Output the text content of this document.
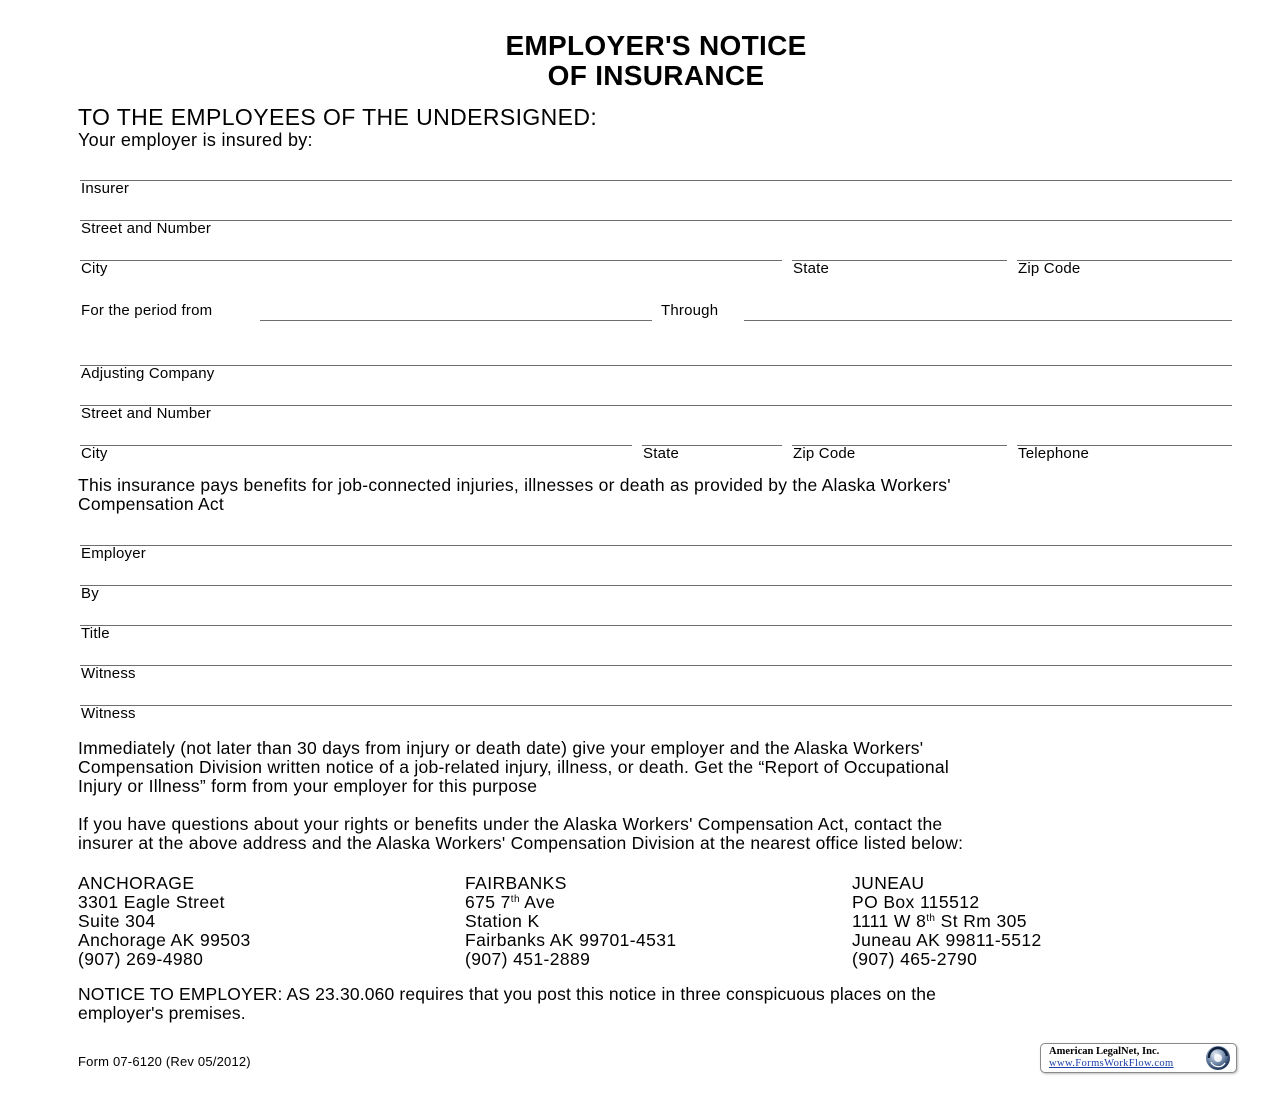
EMPLOYER'S NOTICE
OF INSURANCE
TO THE EMPLOYEES OF THE UNDERSIGNED:
Your employer is insured by:
Insurer
Street and Number
City	State	Zip Code
For the period from	Through
Adjusting Company
Street and Number
City	State	Zip Code	Telephone
This insurance pays benefits for job-connected injuries, illnesses or death as provided by the Alaska Workers'
Compensation Act
Employer
By
Title
Witness
Witness
Immediately (not later than 30 days from injury or death date) give your employer and the Alaska Workers'
Compensation Division written notice of a job-related injury, illness, or death. Get the “Report of Occupational
Injury or Illness” form from your employer for this purpose
If you have questions about your rights or benefits under the Alaska Workers' Compensation Act, contact the
insurer at the above address and the Alaska Workers' Compensation Division at the nearest office listed below:
ANCHORAGE
3301 Eagle Street
Suite 304
Anchorage AK 99503
(907) 269-4980
FAIRBANKS
675 7th Ave
Station K
Fairbanks AK 99701-4531
(907) 451-2889
JUNEAU
PO Box 115512
1111 W 8th St Rm 305
Juneau AK 99811-5512
(907) 465-2790
NOTICE TO EMPLOYER: AS 23.30.060 requires that you post this notice in three conspicuous places on the
employer's premises.
Form 07-6120 (Rev 05/2012)
American LegalNet, Inc.
www.FormsWorkFlow.com
